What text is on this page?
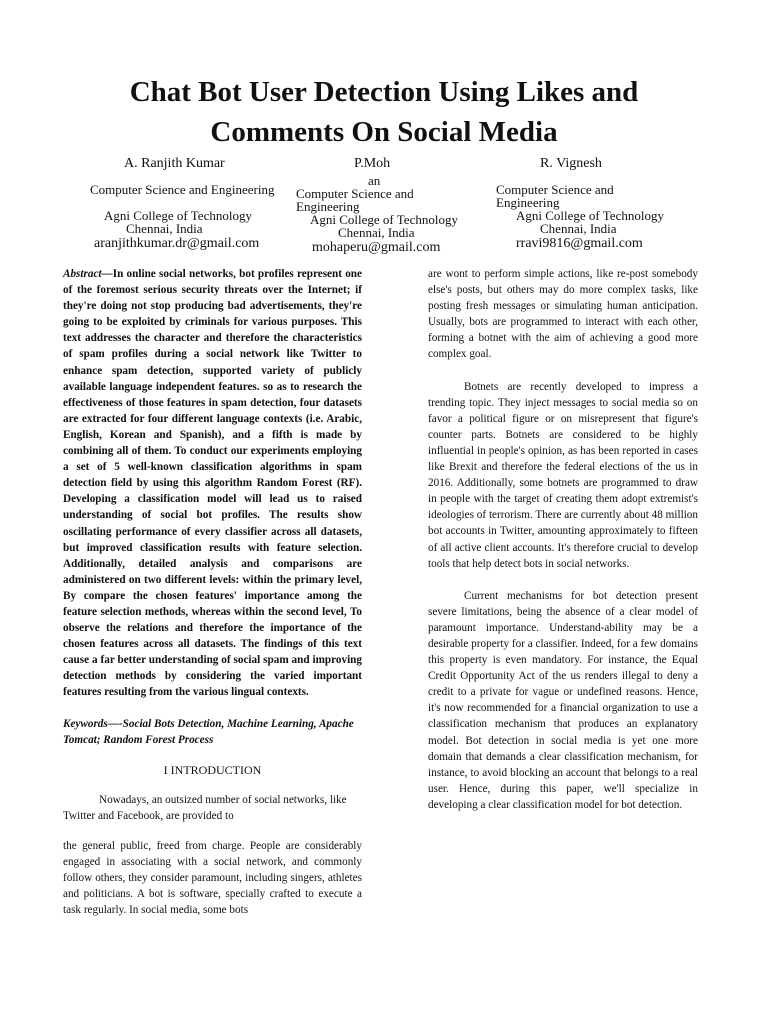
Chat Bot User Detection Using Likes and
Comments On Social Media
A. Ranjith Kumar
Computer Science and Engineering
Agni College of Technology
Chennai, India
aranjithkumar.dr@gmail.com
P.Moh
an
Computer Science and
Engineering
Agni College of Technology
Chennai, India
mohaperu@gmail.com
R. Vignesh
Computer Science and
Engineering
Agni College of Technology
Chennai, India
rravi9816@gmail.com

Abstract—In online social networks, bot profiles represent one of the foremost serious security threats over the Internet; if they're doing not stop producing bad advertisements, they're going to be exploited by criminals for various purposes. This text addresses the character and therefore the characteristics of spam profiles during a social network like Twitter to enhance spam detection, supported variety of publicly available language independent features. so as to research the effectiveness of those features in spam detection, four datasets are extracted for four different language contexts (i.e. Arabic, English, Korean and Spanish), and a fifth is made by combining all of them. To conduct our experiments employing a set of 5 well-known classification algorithms in spam detection field by using this algorithm Random Forest (RF). Developing a classification model will lead us to raised understanding of social bot profiles. The results show oscillating performance of every classifier across all datasets, but improved classification results with feature selection. Additionally, detailed analysis and comparisons are administered on two different levels: within the primary level, By compare the chosen features' importance among the feature selection methods, whereas within the second level, To observe the relations and therefore the importance of the chosen features across all datasets. The findings of this text cause a far better understanding of social spam and improving detection methods by considering the varied important features resulting from the various lingual contexts.

Keywords—-Social Bots Detection, Machine Learning, Apache Tomcat; Random Forest Process

I INTRODUCTION

Nowadays, an outsized number of social networks, like Twitter and Facebook, are provided to

the general public, freed from charge. People are considerably engaged in associating with a social network, and commonly follow others, they consider paramount, including singers, athletes and politicians. A bot is software, specially crafted to execute a task regularly. In social media, some bots

are wont to perform simple actions, like re-post somebody else's posts, but others may do more complex tasks, like posting fresh messages or simulating human anticipation. Usually, bots are programmed to interact with each other, forming a botnet with the aim of achieving a good more complex goal.

Botnets are recently developed to impress a trending topic. They inject messages to social media so on favor a political figure or on misrepresent that figure's counter parts. Botnets are considered to be highly influential in people's opinion, as has been reported in cases like Brexit and therefore the federal elections of the us in 2016. Additionally, some botnets are programmed to draw in people with the target of creating them adopt extremist's ideologies of terrorism. There are currently about 48 million bot accounts in Twitter, amounting approximately to fifteen of all active client accounts. It's therefore crucial to develop tools that help detect bots in social networks.

Current mechanisms for bot detection present severe limitations, being the absence of a clear model of paramount importance. Understand-ability may be a desirable property for a classifier. Indeed, for a few domains this property is even mandatory. For instance, the Equal Credit Opportunity Act of the us renders illegal to deny a credit to a private for vague or undefined reasons. Hence, it's now recommended for a financial organization to use a classification mechanism that produces an explanatory model. Bot detection in social media is yet one more domain that demands a clear classification mechanism, for instance, to avoid blocking an account that belongs to a real user. Hence, during this paper, we'll specialize in developing a clear classification model for bot detection.
